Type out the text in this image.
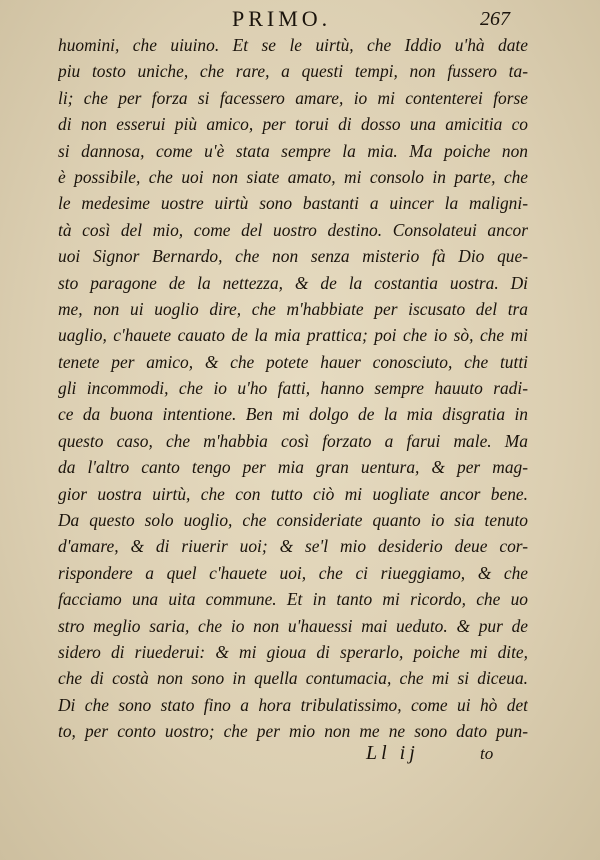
PRIMO.	267
huomini, che uiuino. Et se le uirtù, che Iddio u'hà date
piu tosto uniche, che rare, a questi tempi, non fussero ta-
li; che per forza si facessero amare, io mi contenterei forse
di non esserui più amico, per torui di dosso una amicitia co
si dannosa, come u'è stata sempre la mia. Ma poiche non
è possibile, che uoi non siate amato, mi consolo in parte, che
le medesime uostre uirtù sono bastanti a uincer la maligni-
tà così del mio, come del uostro destino. Consolateui ancor
uoi Signor Bernardo, che non senza misterio fà Dio que-
sto paragone de la nettezza, & de la costantia uostra. Di
me, non ui uoglio dire, che m'habbiate per iscusato del tra
uaglio, c'hauete cauato de la mia prattica; poi che io sò, che mi
tenete per amico, & che potete hauer conosciuto, che tutti
gli incommodi, che io u'ho fatti, hanno sempre hauuto radi-
ce da buona intentione. Ben mi dolgo de la mia disgratia in
questo caso, che m'habbia così forzato a farui male. Ma
da l'altro canto tengo per mia gran uentura, & per mag-
gior uostra uirtù, che con tutto ciò mi uogliate ancor bene.
Da questo solo uoglio, che consideriate quanto io sia tenuto
d'amare, & di riuerir uoi; & se'l mio desiderio deue cor-
rispondere a quel c'hauete uoi, che ci riueggiamo, & che
facciamo una uita commune. Et in tanto mi ricordo, che uo
stro meglio saria, che io non u'hauessi mai ueduto. & pur de
sidero di riuederui: & mi gioua di sperarlo, poiche mi dite,
che di costà non sono in quella contumacia, che mi si diceua.
Di che sono stato fino a hora tribulatissimo, come ui hò det
to, per conto uostro; che per mio non me ne sono dato pun-
Ll ij	to
